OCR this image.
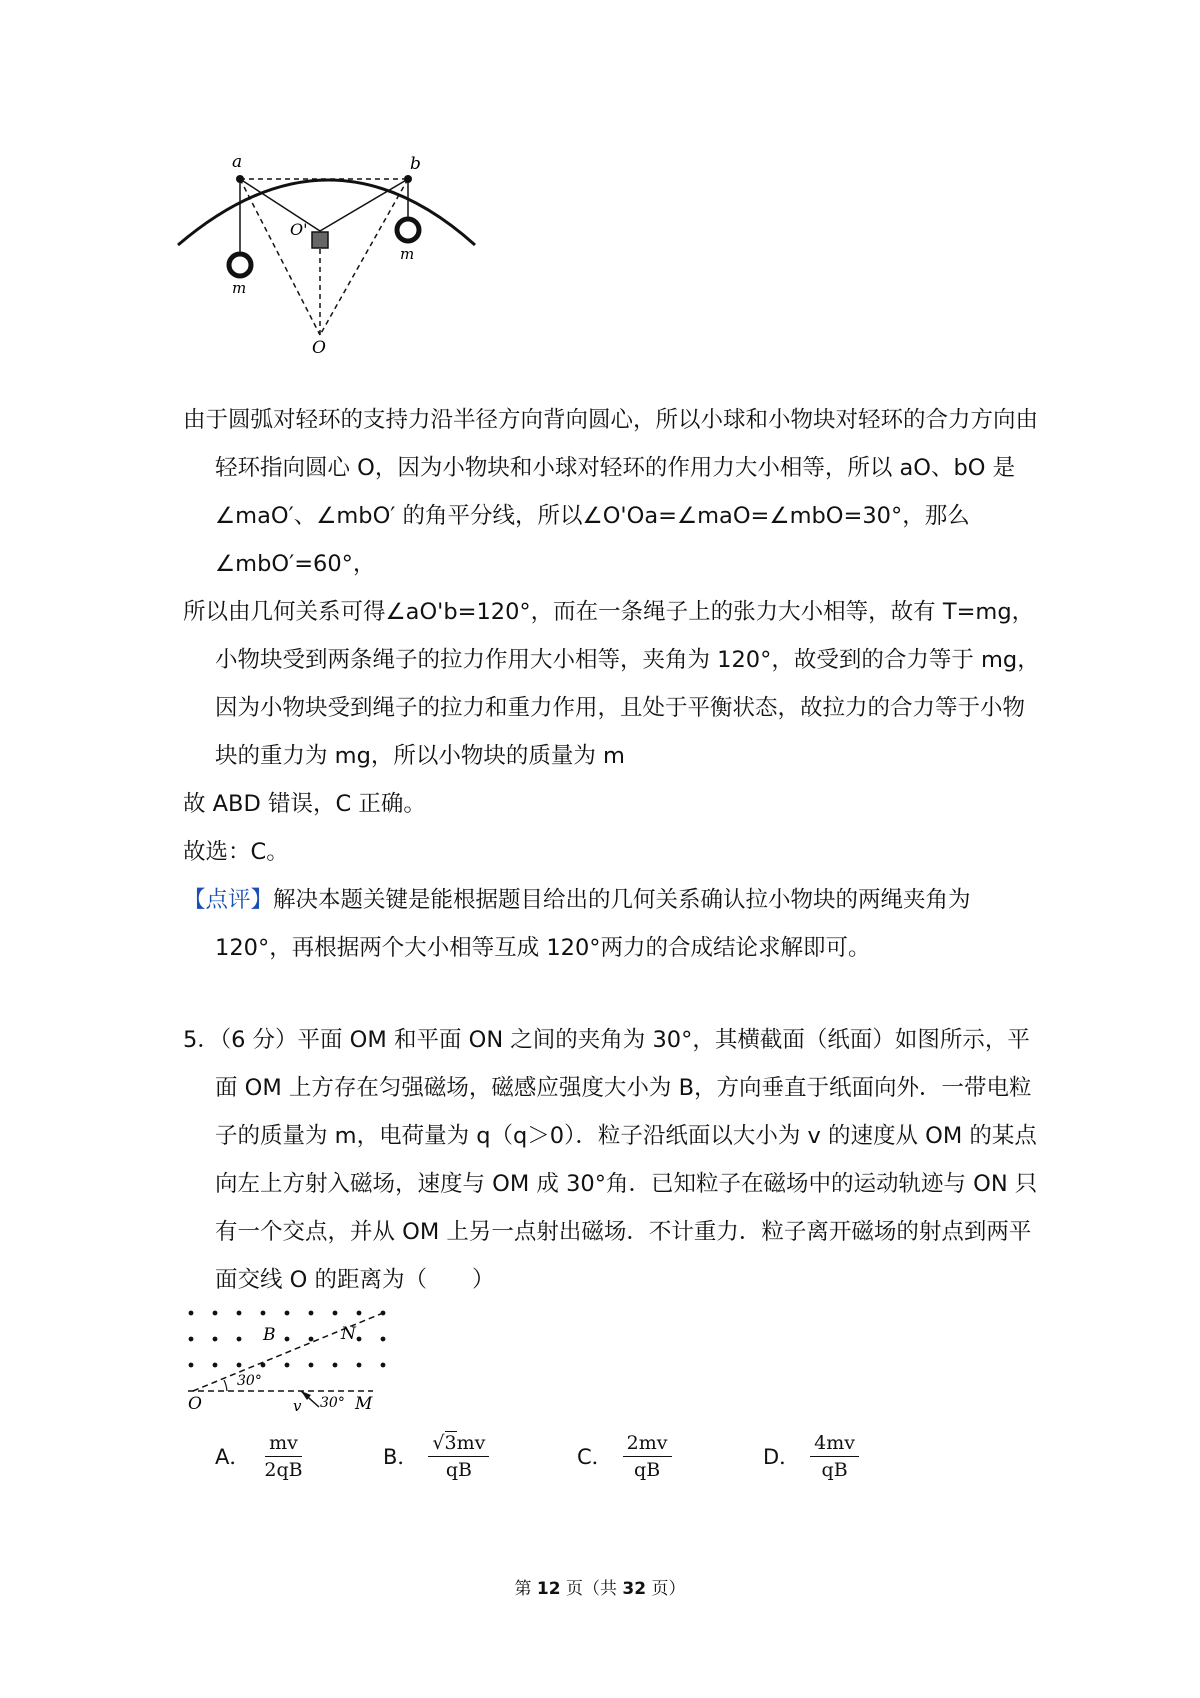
a	b
O'
O
m
m

由于圆弧对轻环的支持力沿半径方向背向圆心，所以小球和小物块对轻环的合力方向由轻环指向圆心 O，因为小物块和小球对轻环的作用力大小相等，所以 aO、bO 是∠maO′、∠mbO′ 的角平分线，所以∠O'Oa=∠maO=∠mbO=30°，那么∠mbO′=60°，

所以由几何关系可得∠aO'b=120°，而在一条绳子上的张力大小相等，故有 T=mg，小物块受到两条绳子的拉力作用大小相等，夹角为 120°，故受到的合力等于 mg，因为小物块受到绳子的拉力和重力作用，且处于平衡状态，故拉力的合力等于小物块的重力为 mg，所以小物块的质量为 m

故 ABD 错误，C 正确。

故选：C。

【点评】解决本题关键是能根据题目给出的几何关系确认拉小物块的两绳夹角为 120°，再根据两个大小相等互成 120°两力的合成结论求解即可。

5．（6 分）平面 OM 和平面 ON 之间的夹角为 30°，其横截面（纸面）如图所示，平面 OM 上方存在匀强磁场，磁感应强度大小为 B，方向垂直于纸面向外．一带电粒子的质量为 m，电荷量为 q（q＞0）．粒子沿纸面以大小为 v 的速度从 OM 的某点向左上方射入磁场，速度与 OM 成 30°角．已知粒子在磁场中的运动轨迹与 ON 只有一个交点，并从 OM 上另一点射出磁场．不计重力．粒子离开磁场的射点到两平面交线 O 的距离为（　　）

30°
30°
B	N
O	v	M
A． $\frac{mv}{2qB}$	B． $\frac{√3mv}{qB}$	C． $\frac{2mv}{qB}$	D． $\frac{4mv}{qB}$
第 12 页（共 32 页）
